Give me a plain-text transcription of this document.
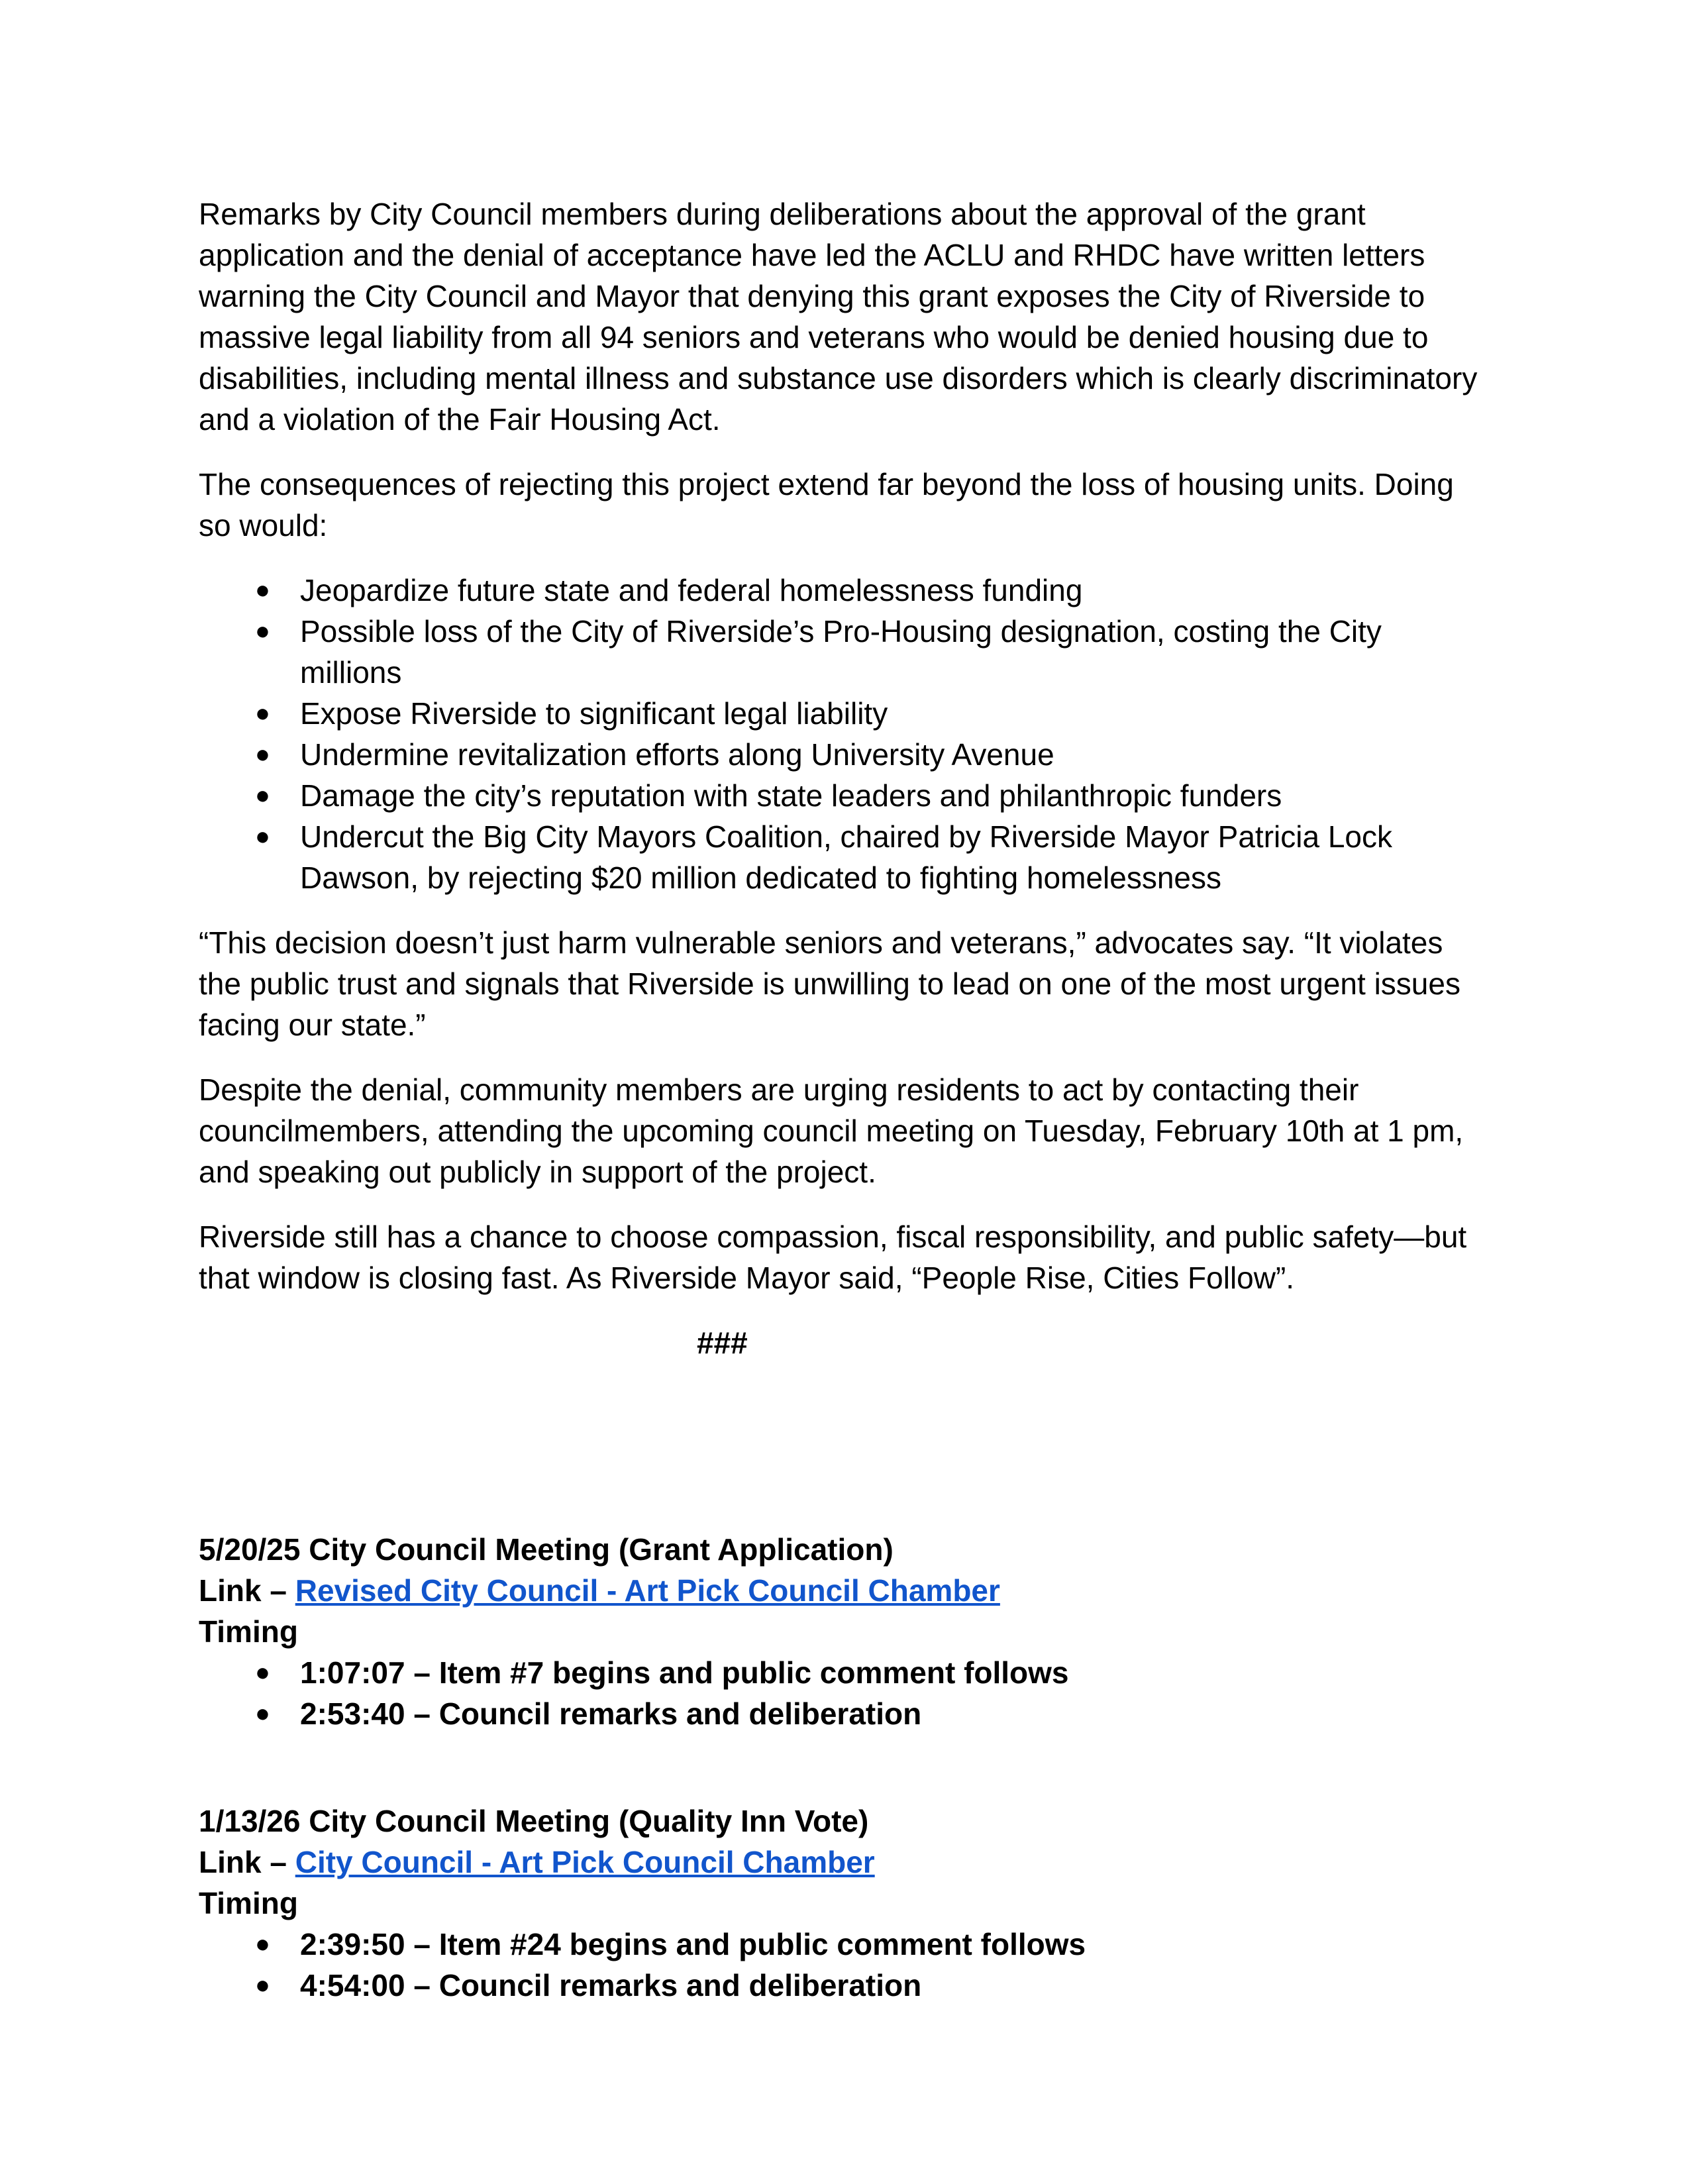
Remarks by City Council members during deliberations about the approval of the grant application and the denial of acceptance have led the ACLU and RHDC have written letters warning the City Council and Mayor that denying this grant exposes the City of Riverside to massive legal liability from all 94 seniors and veterans who would be denied housing due to disabilities, including mental illness and substance use disorders which is clearly discriminatory and a violation of the Fair Housing Act.

The consequences of rejecting this project extend far beyond the loss of housing units. Doing so would:

● Jeopardize future state and federal homelessness funding
● Possible loss of the City of Riverside’s Pro-Housing designation, costing the City millions
● Expose Riverside to significant legal liability
● Undermine revitalization efforts along University Avenue
● Damage the city’s reputation with state leaders and philanthropic funders
● Undercut the Big City Mayors Coalition, chaired by Riverside Mayor Patricia Lock Dawson, by rejecting $20 million dedicated to fighting homelessness

“This decision doesn’t just harm vulnerable seniors and veterans,” advocates say. “It violates the public trust and signals that Riverside is unwilling to lead on one of the most urgent issues facing our state.”

Despite the denial, community members are urging residents to act by contacting their councilmembers, attending the upcoming council meeting on Tuesday, February 10th at 1 pm, and speaking out publicly in support of the project.

Riverside still has a chance to choose compassion, fiscal responsibility, and public safety—but that window is closing fast. As Riverside Mayor said, “People Rise, Cities Follow”.

###

5/20/25 City Council Meeting (Grant Application)

Link – Revised City Council - Art Pick Council Chamber

Timing

● 1:07:07 – Item #7 begins and public comment follows
● 2:53:40 – Council remarks and deliberation

1/13/26 City Council Meeting (Quality Inn Vote)

Link – City Council - Art Pick Council Chamber

Timing

● 2:39:50 – Item #24 begins and public comment follows
● 4:54:00 – Council remarks and deliberation
